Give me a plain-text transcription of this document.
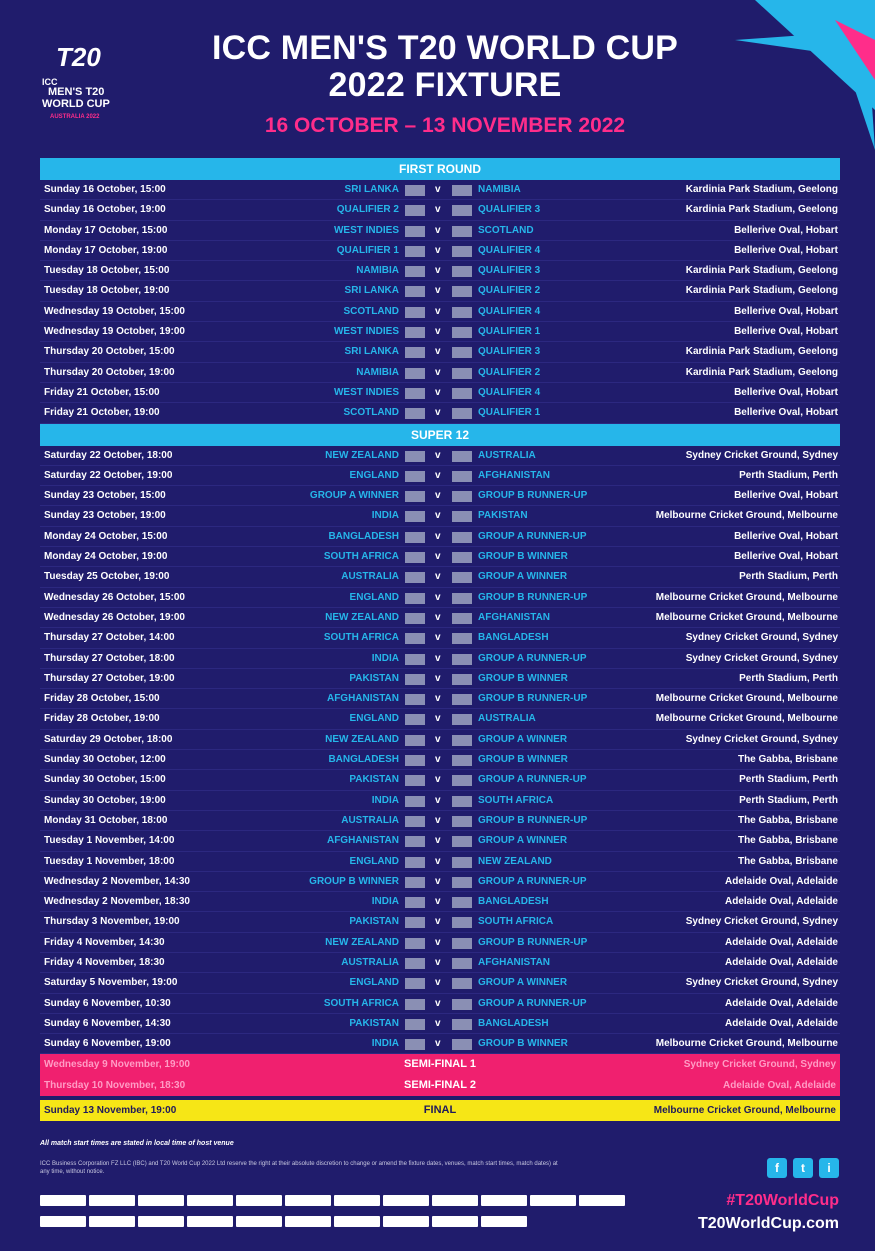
ICC
T20
MEN'S T20
WORLD CUP
AUSTRALIA 2022
ICC MEN'S T20 WORLD CUP
2022 FIXTURE
16 OCTOBER – 13 NOVEMBER 2022
FIRST ROUND
Sunday 16 October, 15:00	SRI LANKA	NAMIBIA	Kardinia Park Stadium, Geelong
v
Sunday 16 October, 19:00	QUALIFIER 2	QUALIFIER 3	Kardinia Park Stadium, Geelong
v
Monday 17 October, 15:00	WEST INDIES	SCOTLAND	Bellerive Oval, Hobart
v
Monday 17 October, 19:00	QUALIFIER 1	QUALIFIER 4	Bellerive Oval, Hobart
v
Tuesday 18 October, 15:00	NAMIBIA	QUALIFIER 3	Kardinia Park Stadium, Geelong
v
Tuesday 18 October, 19:00	SRI LANKA	QUALIFIER 2	Kardinia Park Stadium, Geelong
v
Wednesday 19 October, 15:00	SCOTLAND	QUALIFIER 4	Bellerive Oval, Hobart
v
Wednesday 19 October, 19:00	WEST INDIES	QUALIFIER 1	Bellerive Oval, Hobart
v
Thursday 20 October, 15:00	SRI LANKA	QUALIFIER 3	Kardinia Park Stadium, Geelong
v
Thursday 20 October, 19:00	NAMIBIA	QUALIFIER 2	Kardinia Park Stadium, Geelong
v
Friday 21 October, 15:00	WEST INDIES	QUALIFIER 4	Bellerive Oval, Hobart
v
Friday 21 October, 19:00	SCOTLAND	QUALIFIER 1	Bellerive Oval, Hobart
v
SUPER 12
Saturday 22 October, 18:00	NEW ZEALAND	AUSTRALIA	Sydney Cricket Ground, Sydney
v
Saturday 22 October, 19:00	ENGLAND	AFGHANISTAN	Perth Stadium, Perth
v
Sunday 23 October, 15:00	GROUP A WINNER	GROUP B RUNNER-UP	Bellerive Oval, Hobart
v
Sunday 23 October, 19:00	INDIA	PAKISTAN	Melbourne Cricket Ground, Melbourne
v
Monday 24 October, 15:00	BANGLADESH	GROUP A RUNNER-UP	Bellerive Oval, Hobart
v
Monday 24 October, 19:00	SOUTH AFRICA	GROUP B WINNER	Bellerive Oval, Hobart
v
Tuesday 25 October, 19:00	AUSTRALIA	GROUP A WINNER	Perth Stadium, Perth
v
Wednesday 26 October, 15:00	ENGLAND	GROUP B RUNNER-UP	Melbourne Cricket Ground, Melbourne
v
Wednesday 26 October, 19:00	NEW ZEALAND	AFGHANISTAN	Melbourne Cricket Ground, Melbourne
v
Thursday 27 October, 14:00	SOUTH AFRICA	BANGLADESH	Sydney Cricket Ground, Sydney
v
Thursday 27 October, 18:00	INDIA	GROUP A RUNNER-UP	Sydney Cricket Ground, Sydney
v
Thursday 27 October, 19:00	PAKISTAN	GROUP B WINNER	Perth Stadium, Perth
v
Friday 28 October, 15:00	AFGHANISTAN	GROUP B RUNNER-UP	Melbourne Cricket Ground, Melbourne
v
Friday 28 October, 19:00	ENGLAND	AUSTRALIA	Melbourne Cricket Ground, Melbourne
v
Saturday 29 October, 18:00	NEW ZEALAND	GROUP A WINNER	Sydney Cricket Ground, Sydney
v
Sunday 30 October, 12:00	BANGLADESH	GROUP B WINNER	The Gabba, Brisbane
v
Sunday 30 October, 15:00	PAKISTAN	GROUP A RUNNER-UP	Perth Stadium, Perth
v
Sunday 30 October, 19:00	INDIA	SOUTH AFRICA	Perth Stadium, Perth
v
Monday 31 October, 18:00	AUSTRALIA	GROUP B RUNNER-UP	The Gabba, Brisbane
v
Tuesday 1 November, 14:00	AFGHANISTAN	GROUP A WINNER	The Gabba, Brisbane
v
Tuesday 1 November, 18:00	ENGLAND	NEW ZEALAND	The Gabba, Brisbane
v
Wednesday 2 November, 14:30	GROUP B WINNER	GROUP A RUNNER-UP	Adelaide Oval, Adelaide
v
Wednesday 2 November, 18:30	INDIA	BANGLADESH	Adelaide Oval, Adelaide
v
Thursday 3 November, 19:00	PAKISTAN	SOUTH AFRICA	Sydney Cricket Ground, Sydney
v
Friday 4 November, 14:30	NEW ZEALAND	GROUP B RUNNER-UP	Adelaide Oval, Adelaide
v
Friday 4 November, 18:30	AUSTRALIA	AFGHANISTAN	Adelaide Oval, Adelaide
v
Saturday 5 November, 19:00	ENGLAND	GROUP A WINNER	Sydney Cricket Ground, Sydney
v
Sunday 6 November, 10:30	SOUTH AFRICA	GROUP A RUNNER-UP	Adelaide Oval, Adelaide
v
Sunday 6 November, 14:30	PAKISTAN	BANGLADESH	Adelaide Oval, Adelaide
v
Sunday 6 November, 19:00	INDIA	GROUP B WINNER	Melbourne Cricket Ground, Melbourne
v
Wednesday 9 November, 19:00	SEMI-FINAL 1	Sydney Cricket Ground, Sydney
Thursday 10 November, 18:30	SEMI-FINAL 2	Adelaide Oval, Adelaide
Sunday 13 November, 19:00	FINAL	Melbourne Cricket Ground, Melbourne
All match start times are stated in local time of host venue
ICC Business Corporation FZ LLC (IBC) and T20 World Cup 2022 Ltd reserve the right at their absolute discretion to change or amend the fixture dates, venues, match start times, match dates) at any time, without notice.	f t i
#T20WorldCup
T20WorldCup.com
